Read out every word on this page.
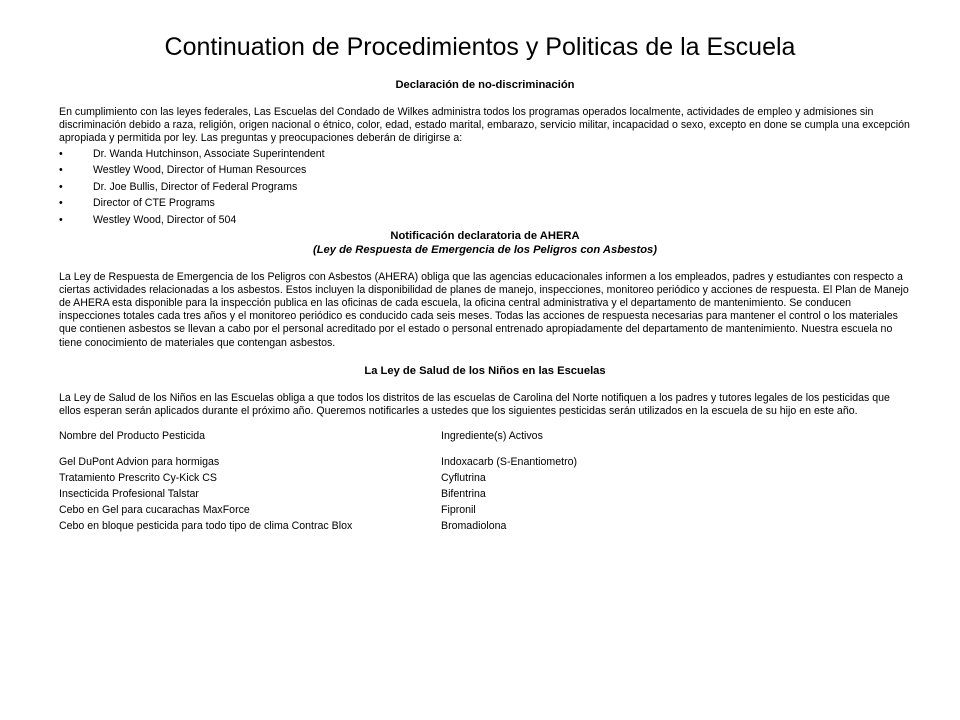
Continuation de Procedimientos y Politicas de la Escuela
Declaración de no-discriminación

En cumplimiento con las leyes federales, Las Escuelas del Condado de Wilkes administra todos los programas operados localmente, actividades de empleo y admisiones sin discriminación debido a raza, religión, origen nacional o étnico, color, edad, estado marital, embarazo, servicio militar, incapacidad o sexo, excepto en done se cumpla una excepción apropiada y permitida por ley. Las preguntas y preocupaciones deberán de dirigirse a:

•	Dr. Wanda Hutchinson, Associate Superintendent
•	Westley Wood, Director of Human Resources
•	Dr. Joe Bullis, Director of Federal Programs
•	Director of CTE Programs
•	Westley Wood, Director of 504
Notificación declaratoria de AHERA
(Ley de Respuesta de Emergencia de los Peligros con Asbestos)

La Ley de Respuesta de Emergencia de los Peligros con Asbestos (AHERA) obliga que las agencias educacionales informen a los empleados, padres y estudiantes con respecto a ciertas actividades relacionadas a los asbestos. Estos incluyen la disponibilidad de planes de manejo, inspecciones, monitoreo periódico y acciones de respuesta. El Plan de Manejo de AHERA esta disponible para la inspección publica en las oficinas de cada escuela, la oficina central administrativa y el departamento de mantenimiento. Se conducen inspecciones totales cada tres años y el monitoreo periódico es conducido cada seis meses. Todas las acciones de respuesta necesarias para mantener el control o los materiales que contienen asbestos se llevan a cabo por el personal acreditado por el estado o personal entrenado apropiadamente del departamento de mantenimiento. Nuestra escuela no tiene conocimiento de materiales que contengan asbestos.

La Ley de Salud de los Niños en las Escuelas

La Ley de Salud de los Niños en las Escuelas obliga a que todos los distritos de las escuelas de Carolina del Norte notifiquen a los padres y tutores legales de los pesticidas que ellos esperan serán aplicados durante el próximo año. Queremos notificarles a ustedes que los siguientes pesticidas serán utilizados en la escuela de su hijo en este año.

Nombre del Producto Pesticida	Ingrediente(s) Activos
Gel DuPont Advion para hormigas	Indoxacarb (S-Enantiometro)
Tratamiento Prescrito Cy-Kick CS	Cyflutrina
Insecticida Profesional Talstar	Bifentrina
Cebo en Gel para cucarachas MaxForce	Fipronil
Cebo en bloque pesticida para todo tipo de clima Contrac Blox	Bromadiolona
